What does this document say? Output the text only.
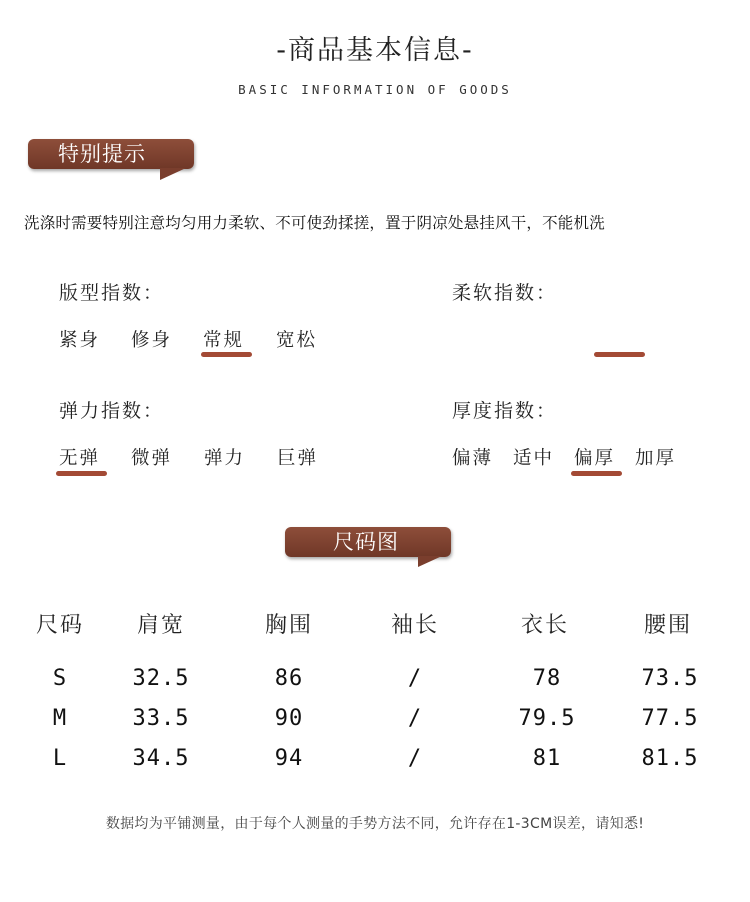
-商品基本信息-
BASIC INFORMATION OF GOODS
特别提示
洗涤时需要特别注意均匀用力柔软、不可使劲揉搓，置于阴凉处悬挂风干，不能机洗
版型指数：
紧身 修身 常规 宽松
柔软指数：
弹力指数：
无弹 微弹 弹力 巨弹
厚度指数：
偏薄 适中 偏厚 加厚
尺码图
尺码	肩宽	胸围	袖长	衣长	腰围
S	32.5	86	/	78	73.5
M	33.5	90	/	79.5	77.5
L	34.5	94	/	81	81.5
数据均为平铺测量，由于每个人测量的手势方法不同，允许存在1-3CM误差，请知悉!
